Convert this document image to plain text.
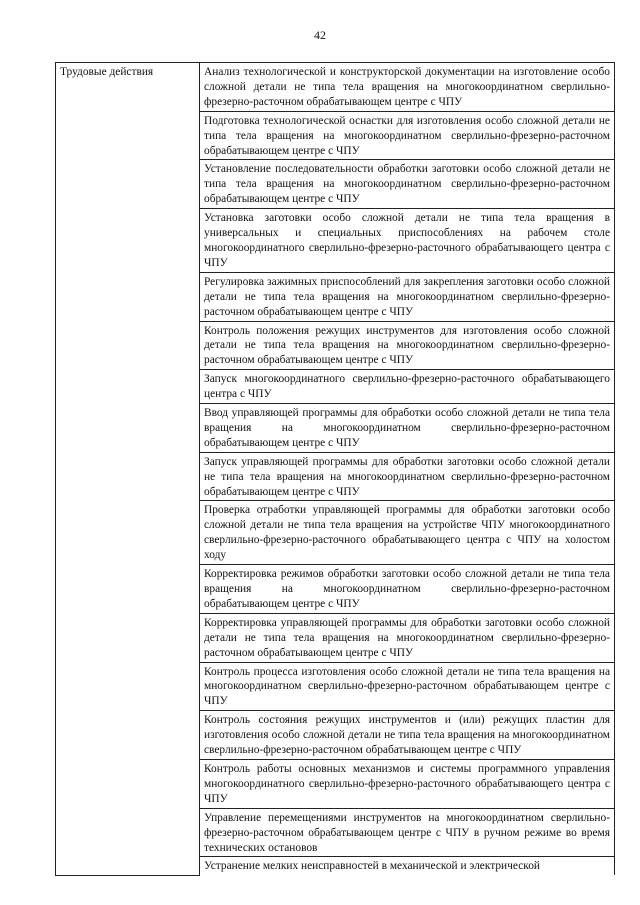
42
Трудовые действия	Анализ технологической и конструкторской документации на изготовление особо сложной детали не типа тела вращения на многокоординатном сверлильно-фрезерно-расточном обрабатывающем центре с ЧПУ
Подготовка технологической оснастки для изготовления особо сложной детали не типа тела вращения на многокоординатном сверлильно-фрезерно-расточном обрабатывающем центре с ЧПУ
Установление последовательности обработки заготовки особо сложной детали не типа тела вращения на многокоординатном сверлильно-фрезерно-расточном обрабатывающем центре с ЧПУ
Установка заготовки особо сложной детали не типа тела вращения в универсальных и специальных приспособлениях на рабочем столе многокоординатного сверлильно-фрезерно-расточного обрабатывающего центра с ЧПУ
Регулировка зажимных приспособлений для закрепления заготовки особо сложной детали не типа тела вращения на многокоординатном сверлильно-фрезерно-расточном обрабатывающем центре с ЧПУ
Контроль положения режущих инструментов для изготовления особо сложной детали не типа тела вращения на многокоординатном сверлильно-фрезерно-расточном обрабатывающем центре с ЧПУ
Запуск многокоординатного сверлильно-фрезерно-расточного обрабатывающего центра с ЧПУ
Ввод управляющей программы для обработки особо сложной детали не типа тела вращения на многокоординатном сверлильно-фрезерно-расточном обрабатывающем центре с ЧПУ
Запуск управляющей программы для обработки заготовки особо сложной детали не типа тела вращения на многокоординатном сверлильно-фрезерно-расточном обрабатывающем центре с ЧПУ
Проверка отработки управляющей программы для обработки заготовки особо сложной детали не типа тела вращения на устройстве ЧПУ многокоординатного сверлильно-фрезерно-расточного обрабатывающего центра с ЧПУ на холостом ходу
Корректировка режимов обработки заготовки особо сложной детали не типа тела вращения на многокоординатном сверлильно-фрезерно-расточном обрабатывающем центре с ЧПУ
Корректировка управляющей программы для обработки заготовки особо сложной детали не типа тела вращения на многокоординатном сверлильно-фрезерно-расточном обрабатывающем центре с ЧПУ
Контроль процесса изготовления особо сложной детали не типа тела вращения на многокоординатном сверлильно-фрезерно-расточном обрабатывающем центре с ЧПУ
Контроль состояния режущих инструментов и (или) режущих пластин для изготовления особо сложной детали не типа тела вращения на многокоординатном сверлильно-фрезерно-расточном обрабатывающем центре с ЧПУ
Контроль работы основных механизмов и системы программного управления многокоординатного сверлильно-фрезерно-расточного обрабатывающего центра с ЧПУ
Управление перемещениями инструментов на многокоординатном сверлильно-фрезерно-расточном обрабатывающем центре с ЧПУ в ручном режиме во время технических остановов
Устранение мелких неисправностей в механической и электрической
